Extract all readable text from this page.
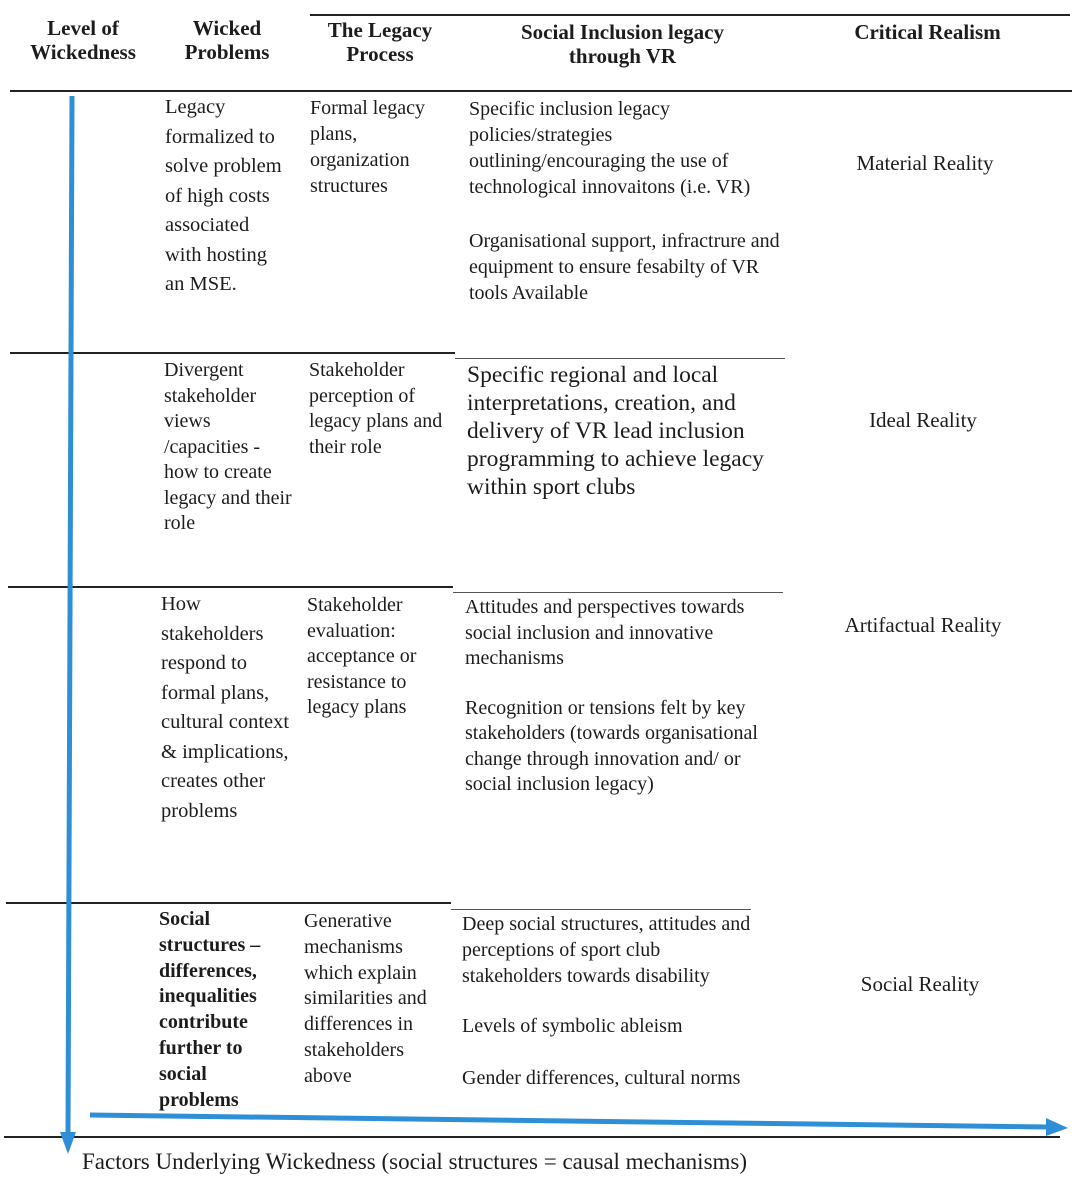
Level of
Wickedness
Wicked
Problems
The Legacy
Process
Social Inclusion legacy
through VR
Critical Realism
Legacy formalized to solve problem of high costs associated with hosting an MSE.
Formal legacy plans, organization structures

Specific inclusion legacy policies/strategies outlining/encouraging the use of technological innovaitons (i.e. VR)

Organisational support, infractrure and equipment to ensure fesabilty of VR tools Available

Material Reality
Divergent stakeholder views /capacities - how to create legacy and their role
Stakeholder perception of legacy plans and their role

Specific regional and local interpretations, creation, and delivery of VR lead inclusion programming to achieve legacy within sport clubs

Ideal Reality
How stakeholders respond to formal plans, cultural context & implications, creates other problems
Stakeholder evaluation: acceptance or resistance to legacy plans

Attitudes and perspectives towards social inclusion and innovative mechanisms

Recognition or tensions felt by key stakeholders (towards organisational change through innovation and/ or social inclusion legacy)

Artifactual Reality
Social structures – differences, inequalities contribute further to social problems
Generative mechanisms which explain similarities and differences in stakeholders above

Deep social structures, attitudes and perceptions of sport club stakeholders towards disability

Levels of symbolic ableism

Gender differences, cultural norms

Social Reality
Factors Underlying Wickedness (social structures = causal mechanisms)
